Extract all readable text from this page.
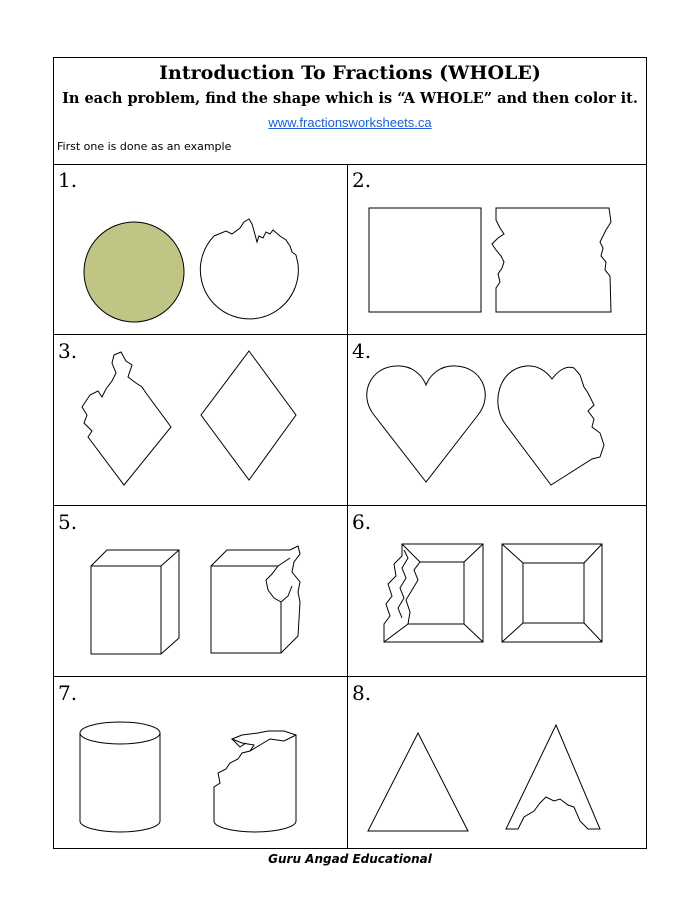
Introduction To Fractions (WHOLE)
In each problem, find the shape which is “A WHOLE” and then color it.
www.fractionsworksheets.ca
First one is done as an example
1.	2.
3.	4.
5.	6.
7.	8.
Guru Angad Educational
